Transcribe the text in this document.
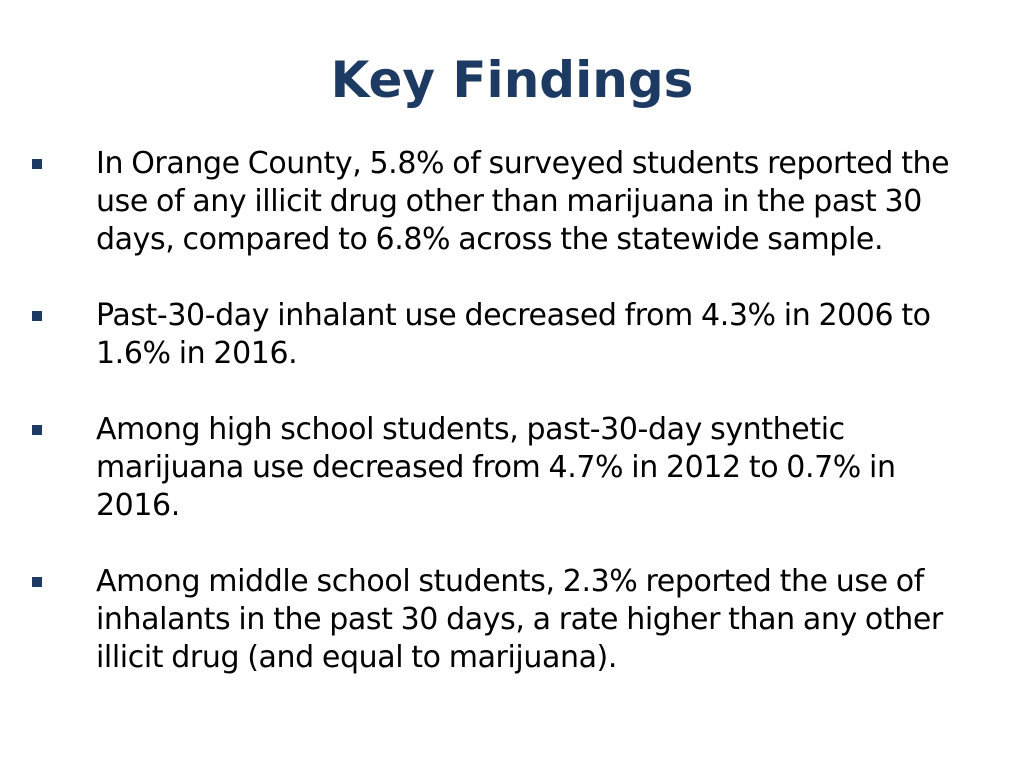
Key Findings
In Orange County, 5.8% of surveyed students reported the use of any illicit drug other than marijuana in the past 30 days, compared to 6.8% across the statewide sample.
Past-30-day inhalant use decreased from 4.3% in 2006 to 1.6% in 2016.
Among high school students, past-30-day synthetic marijuana use decreased from 4.7% in 2012 to 0.7% in 2016.
Among middle school students, 2.3% reported the use of inhalants in the past 30 days, a rate higher than any other illicit drug (and equal to marijuana).
